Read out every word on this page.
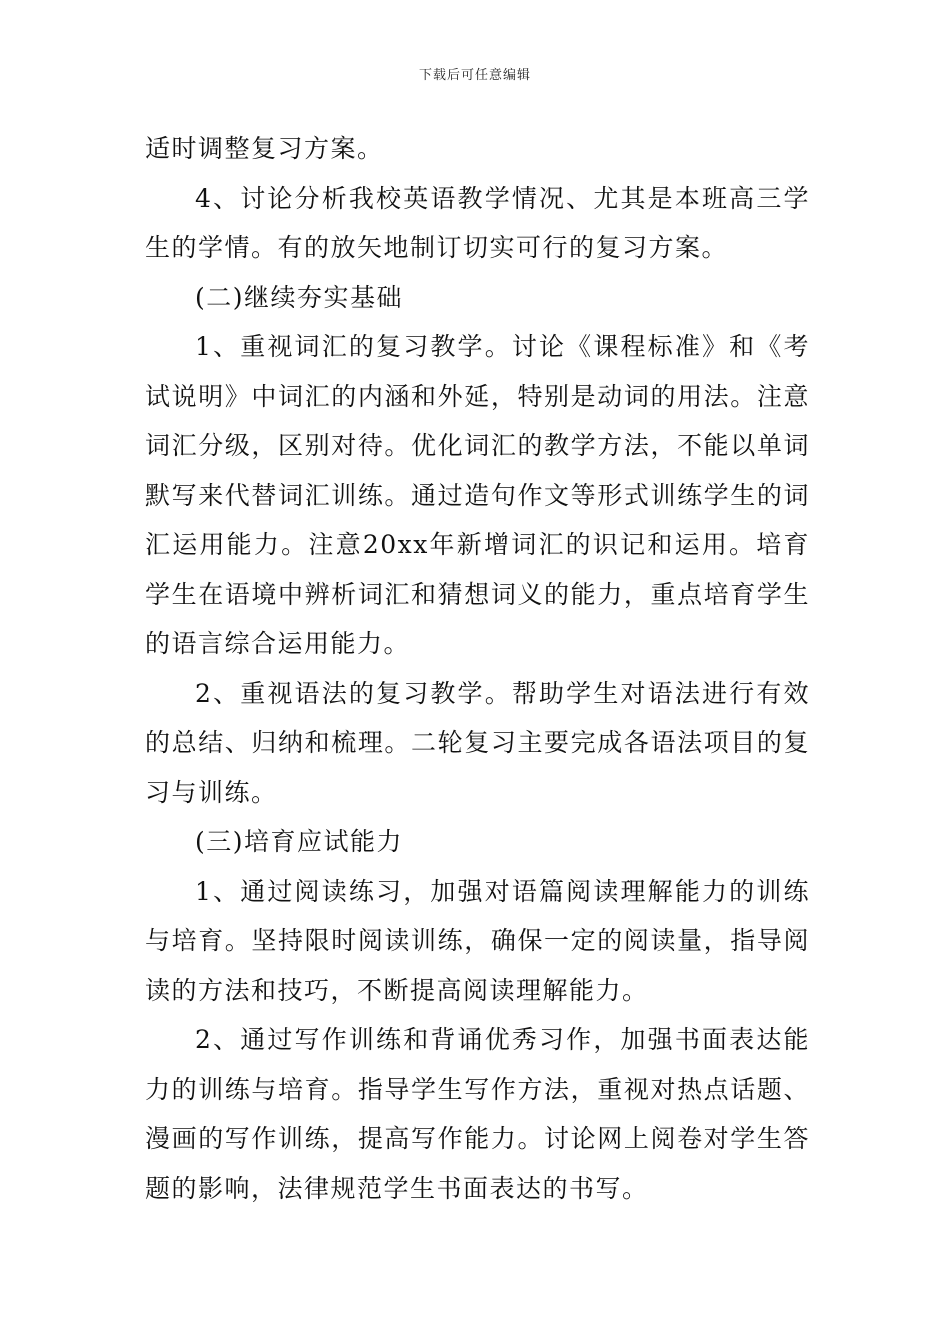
下载后可任意编辑

适时调整复习方案。

4、讨论分析我校英语教学情况、尤其是本班高三学生的学情。有的放矢地制订切实可行的复习方案。

(二)继续夯实基础

1、重视词汇的复习教学。讨论《课程标准》和《考试说明》中词汇的内涵和外延，特别是动词的用法。注意词汇分级，区别对待。优化词汇的教学方法，不能以单词默写来代替词汇训练。通过造句作文等形式训练学生的词汇运用能力。注意20xx年新增词汇的识记和运用。培育学生在语境中辨析词汇和猜想词义的能力，重点培育学生的语言综合运用能力。

2、重视语法的复习教学。帮助学生对语法进行有效的总结、归纳和梳理。二轮复习主要完成各语法项目的复习与训练。

(三)培育应试能力

1、通过阅读练习，加强对语篇阅读理解能力的训练与培育。坚持限时阅读训练，确保一定的阅读量，指导阅读的方法和技巧，不断提高阅读理解能力。

2、通过写作训练和背诵优秀习作，加强书面表达能力的训练与培育。指导学生写作方法，重视对热点话题、漫画的写作训练，提高写作能力。讨论网上阅卷对学生答题的影响，法律规范学生书面表达的书写。
